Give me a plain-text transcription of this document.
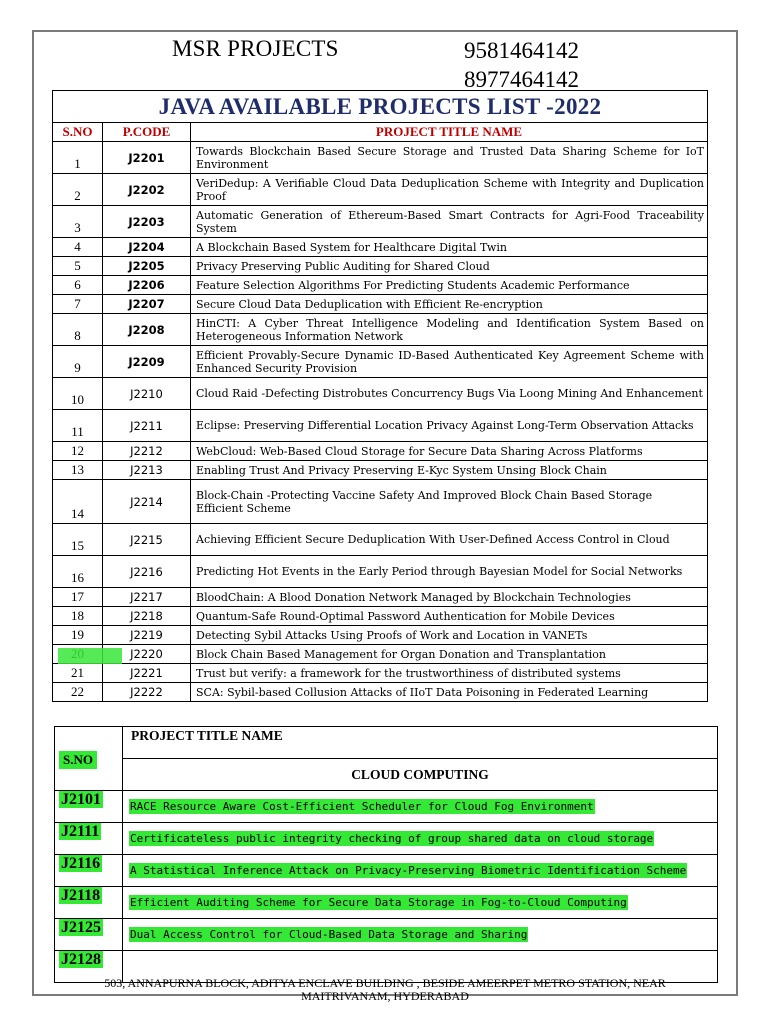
MSR PROJECTS	9581464142
8977464142
JAVA AVAILABLE PROJECTS LIST -2022		
S.NO	P.CODE	PROJECT TITLE NAME
1	J2201	Towards Blockchain Based Secure Storage and Trusted Data Sharing Scheme for IoT Environment

2	J2202	VeriDedup: A Verifiable Cloud Data Deduplication Scheme with Integrity and Duplication Proof

3	J2203	Automatic Generation of Ethereum-Based Smart Contracts for Agri-Food Traceability System

4	J2204	A Blockchain Based System for Healthcare Digital Twin

5	J2205	Privacy Preserving Public Auditing for Shared Cloud

6	J2206	Feature Selection Algorithms For Predicting Students Academic Performance

7	J2207	Secure Cloud Data Deduplication with Efficient Re-encryption

8	J2208	HinCTI: A Cyber Threat Intelligence Modeling and Identification System Based on Heterogeneous Information Network

9	J2209	Efficient Provably-Secure Dynamic ID-Based Authenticated Key Agreement Scheme with Enhanced Security Provision

10	J2210	Cloud Raid -Defecting Distrobutes Concurrency Bugs Via Loong Mining And Enhancement

11	J2211	Eclipse: Preserving Differential Location Privacy Against Long-Term Observation Attacks

12	J2212	WebCloud: Web-Based Cloud Storage for Secure Data Sharing Across Platforms

13	J2213	Enabling Trust And Privacy Preserving E-Kyc System Unsing Block Chain

14	J2214	Block-Chain -Protecting Vaccine Safety And Improved Block Chain Based Storage
Efficient Scheme

15	J2215	Achieving Efficient Secure Deduplication With User-Defined Access Control in Cloud

16	J2216	Predicting Hot Events in the Early Period through Bayesian Model for Social Networks

17	J2217	BloodChain: A Blood Donation Network Managed by Blockchain Technologies

18	J2218	Quantum-Safe Round-Optimal Password Authentication for Mobile Devices

19	J2219	Detecting Sybil Attacks Using Proofs of Work and Location in VANETs

	J2220	Block Chain Based Management for Organ Donation and Transplantation

21	J2221	Trust but verify: a framework for the trustworthiness of distributed systems

22	J2222	SCA: Sybil-based Collusion Attacks of IIoT Data Poisoning in Federated Learning
S.NO	PROJECT TITLE NAME
	CLOUD COMPUTING
J2101	RACE Resource Aware Cost-Efficient Scheduler for Cloud Fog Environment
J2111	Certificateless public integrity checking of group shared data on cloud storage
J2116	A Statistical Inference Attack on Privacy-Preserving Biometric Identification Scheme
J2118	Efficient Auditing Scheme for Secure Data Storage in Fog-to-Cloud Computing
J2125	Dual Access Control for Cloud-Based Data Storage and Sharing
J2128	
503, ANNAPURNA BLOCK, ADITYA ENCLAVE BUILDING , BESIDE AMEERPET METRO STATION, NEAR
MAITRIVANAM, HYDERABAD
